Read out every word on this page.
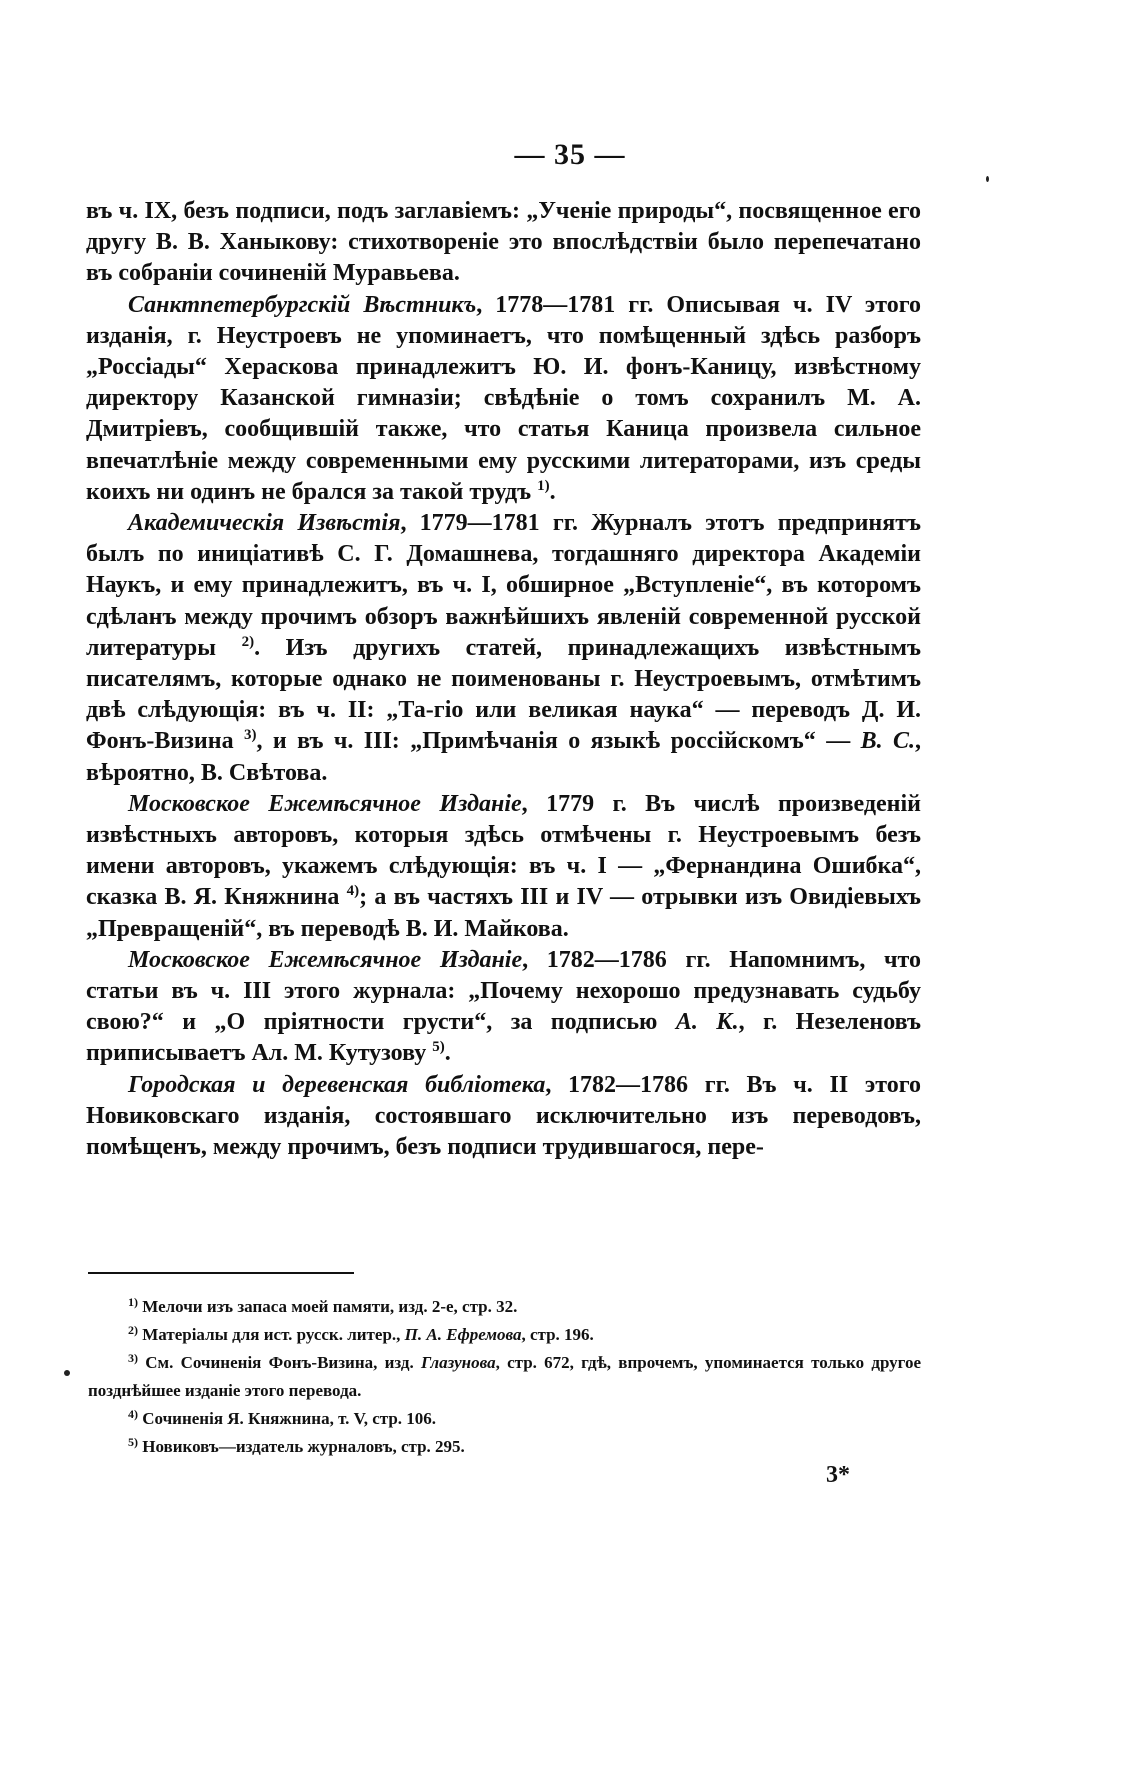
— 35 —

въ ч. IX, безъ подписи, подъ заглавіемъ: „Ученіе природы“, посвященное его другу В. В. Ханыкову: стихотвореніе это впослѣдствіи было перепечатано въ собраніи сочиненій Муравьева.

Санктпетербургскій Вѣстникъ, 1778—1781 гг. Описывая ч. IV этого изданія, г. Неустроевъ не упоминаетъ, что помѣщенный здѣсь разборъ „Россіады“ Хераскова принадлежитъ Ю. И. фонъ-Каницу, извѣстному директору Казанской гимназіи; свѣдѣніе о томъ сохранилъ М. А. Дмитріевъ, сообщившій также, что статья Каница произвела сильное впечатлѣніе между современными ему русскими литераторами, изъ среды коихъ ни одинъ не брался за такой трудъ $^{1)}$.

Академическія Извѣстія, 1779—1781 гг. Журналъ этотъ предпринятъ былъ по иниціативѣ С. Г. Домашнева, тогдашняго директора Академіи Наукъ, и ему принадлежитъ, въ ч. I, обширное „Вступленіе“, въ которомъ сдѣланъ между прочимъ обзоръ важнѣйшихъ явленій современной русской литературы $^{2)}$. Изъ другихъ статей, принадлежащихъ извѣстнымъ писателямъ, которые однако не поименованы г. Неустроевымъ, отмѣтимъ двѣ слѣдующія: въ ч. II: „Та-гіо или великая наука“ — переводъ Д. И. Фонъ-Визина $^{3)}$, и въ ч. III: „Примѣчанія о языкѣ россійскомъ“ — В. С., вѣроятно, В. Свѣтова.

Московское Ежемѣсячное Изданіе, 1779 г. Въ числѣ произведеній извѣстныхъ авторовъ, которыя здѣсь отмѣчены г. Неустроевымъ безъ имени авторовъ, укажемъ слѣдующія: въ ч. I — „Фернандина Ошибка“, сказка В. Я. Княжнина $^{4)}$; а въ частяхъ III и IV — отрывки изъ Овидіевыхъ „Превращеній“, въ переводѣ В. И. Майкова.

Московское Ежемѣсячное Изданіе, 1782—1786 гг. Напомнимъ, что статьи въ ч. III этого журнала: „Почему нехорошо предузнавать судьбу свою?“ и „О пріятности грусти“, за подписью А. К., г. Незеленовъ приписываетъ Ал. М. Кутузову $^{5)}$.

Городская и деревенская библіотека, 1782—1786 гг. Въ ч. II этого Новиковскаго изданія, состоявшаго исключительно изъ переводовъ, помѣщенъ, между прочимъ, безъ подписи трудившагося, пере-

$^{1)}$ Мелочи изъ запаса моей памяти, изд. 2-е, стр. 32.

$^{2)}$ Матеріалы для ист. русск. литер., П. А. Ефремова, стр. 196.

$^{3)}$ См. Сочиненія Фонъ-Визина, изд. Глазунова, стр. 672, гдѣ, впрочемъ, упоминается только другое позднѣйшее изданіе этого перевода.

$^{4)}$ Сочиненія Я. Княжнина, т. V, стр. 106.

$^{5)}$ Новиковъ—издатель журналовъ, стр. 295.

3*
